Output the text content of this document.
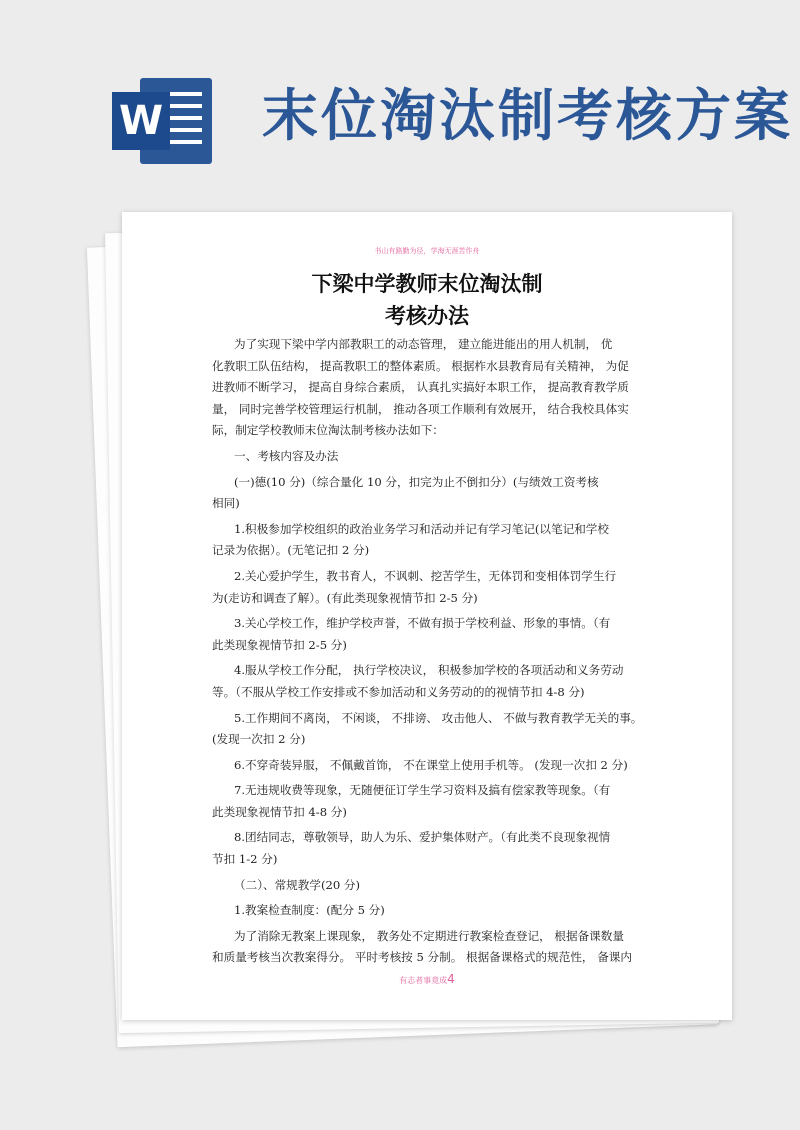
W 末位淘汰制考核方案
书山有路勤为径，学海无涯苦作舟
下梁中学教师末位淘汰制
考核办法
为了实现下梁中学内部教职工的动态管理， 建立能进能出的用人机制， 优
化教职工队伍结构， 提高教职工的整体素质。 根据柞水县教育局有关精神， 为促
进教师不断学习， 提高自身综合素质， 认真扎实搞好本职工作， 提高教育教学质
量， 同时完善学校管理运行机制， 推动各项工作顺利有效展开， 结合我校具体实
际，制定学校教师末位淘汰制考核办法如下：
一、考核内容及办法
(一)德(10 分)（综合量化 10 分，扣完为止不倒扣分）(与绩效工资考核
相同)
1.积极参加学校组织的政治业务学习和活动并记有学习笔记(以笔记和学校
记录为依据）。(无笔记扣 2 分)
2.关心爱护学生，教书育人，不讽刺、挖苦学生，无体罚和变相体罚学生行
为(走访和调查了解）。(有此类现象视情节扣 2-5 分)
3.关心学校工作，维护学校声誉，不做有损于学校利益、形象的事情。（有
此类现象视情节扣 2-5 分)
4.服从学校工作分配， 执行学校决议， 积极参加学校的各项活动和义务劳动
等。（不服从学校工作安排或不参加活动和义务劳动的的视情节扣 4-8 分)
5.工作期间不离岗， 不闲谈， 不排谤、 攻击他人、 不做与教育教学无关的事。
(发现一次扣 2 分)
6.不穿奇装异服， 不佩戴首饰， 不在课堂上使用手机等。 (发现一次扣 2 分)
7.无违规收费等现象，无随便征订学生学习资料及搞有偿家教等现象。（有
此类现象视情节扣 4-8 分)
8.团结同志，尊敬领导，助人为乐、爱护集体财产。（有此类不良现象视情
节扣 1-2 分)
（二）、常规教学(20 分)
1.教案检查制度：(配分 5 分)
为了消除无教案上课现象， 教务处不定期进行教案检查登记， 根据备课数量
和质量考核当次教案得分。 平时考核按 5 分制。 根据备课格式的规范性， 备课内
有志者事竟成4
